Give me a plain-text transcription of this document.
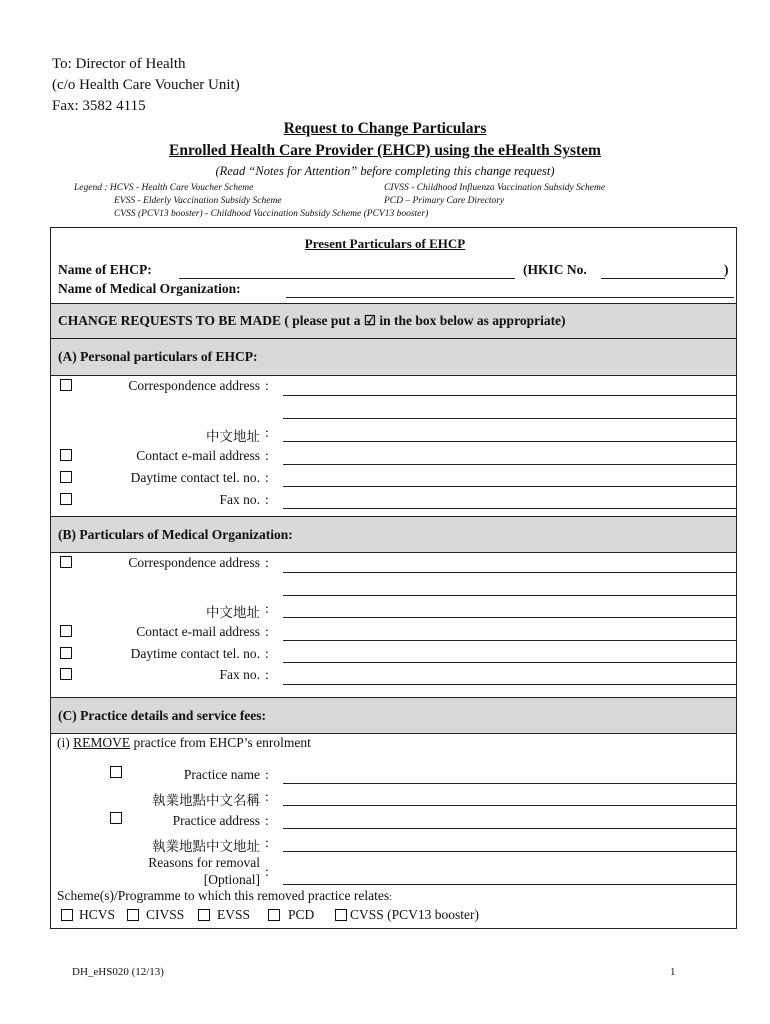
To: Director of Health
(c/o Health Care Voucher Unit)
Fax: 3582 4115
Request to Change Particulars
Enrolled Health Care Provider (EHCP) using the eHealth System
(Read “Notes for Attention” before completing this change request)
Legend : HCVS - Health Care Voucher Scheme	CIVSS - Childhood Influenza Vaccination Subsidy Scheme
EVSS - Elderly Vaccination Subsidy Scheme	PCD – Primary Care Directory
CVSS (PCV13 booster) - Childhood Vaccination Subsidy Scheme (PCV13 booster)
Present Particulars of EHCP
Name of EHCP:	(HKIC No.	)
Name of Medical Organization:
CHANGE REQUESTS TO BE MADE ( please put a ☑ in the box below as appropriate)
(A) Personal particulars of EHCP:
Correspondence address :
中文地址 :
Contact e-mail address :
Daytime contact tel. no. :
Fax no. :
(B) Particulars of Medical Organization:
Correspondence address :
中文地址 :
Contact e-mail address :
Daytime contact tel. no. :
Fax no. :
(C) Practice details and service fees:
(i) REMOVE practice from EHCP’s enrolment
Practice name :
執業地點中文名稱 :
Practice address :
執業地點中文地址 :
Reasons for removal
[Optional]
:
Scheme(s)/Programme to which this removed practice relates:
HCVS CIVSS EVSS	PCD	CVSS (PCV13 booster)
DH_eHS020 (12/13)	1
